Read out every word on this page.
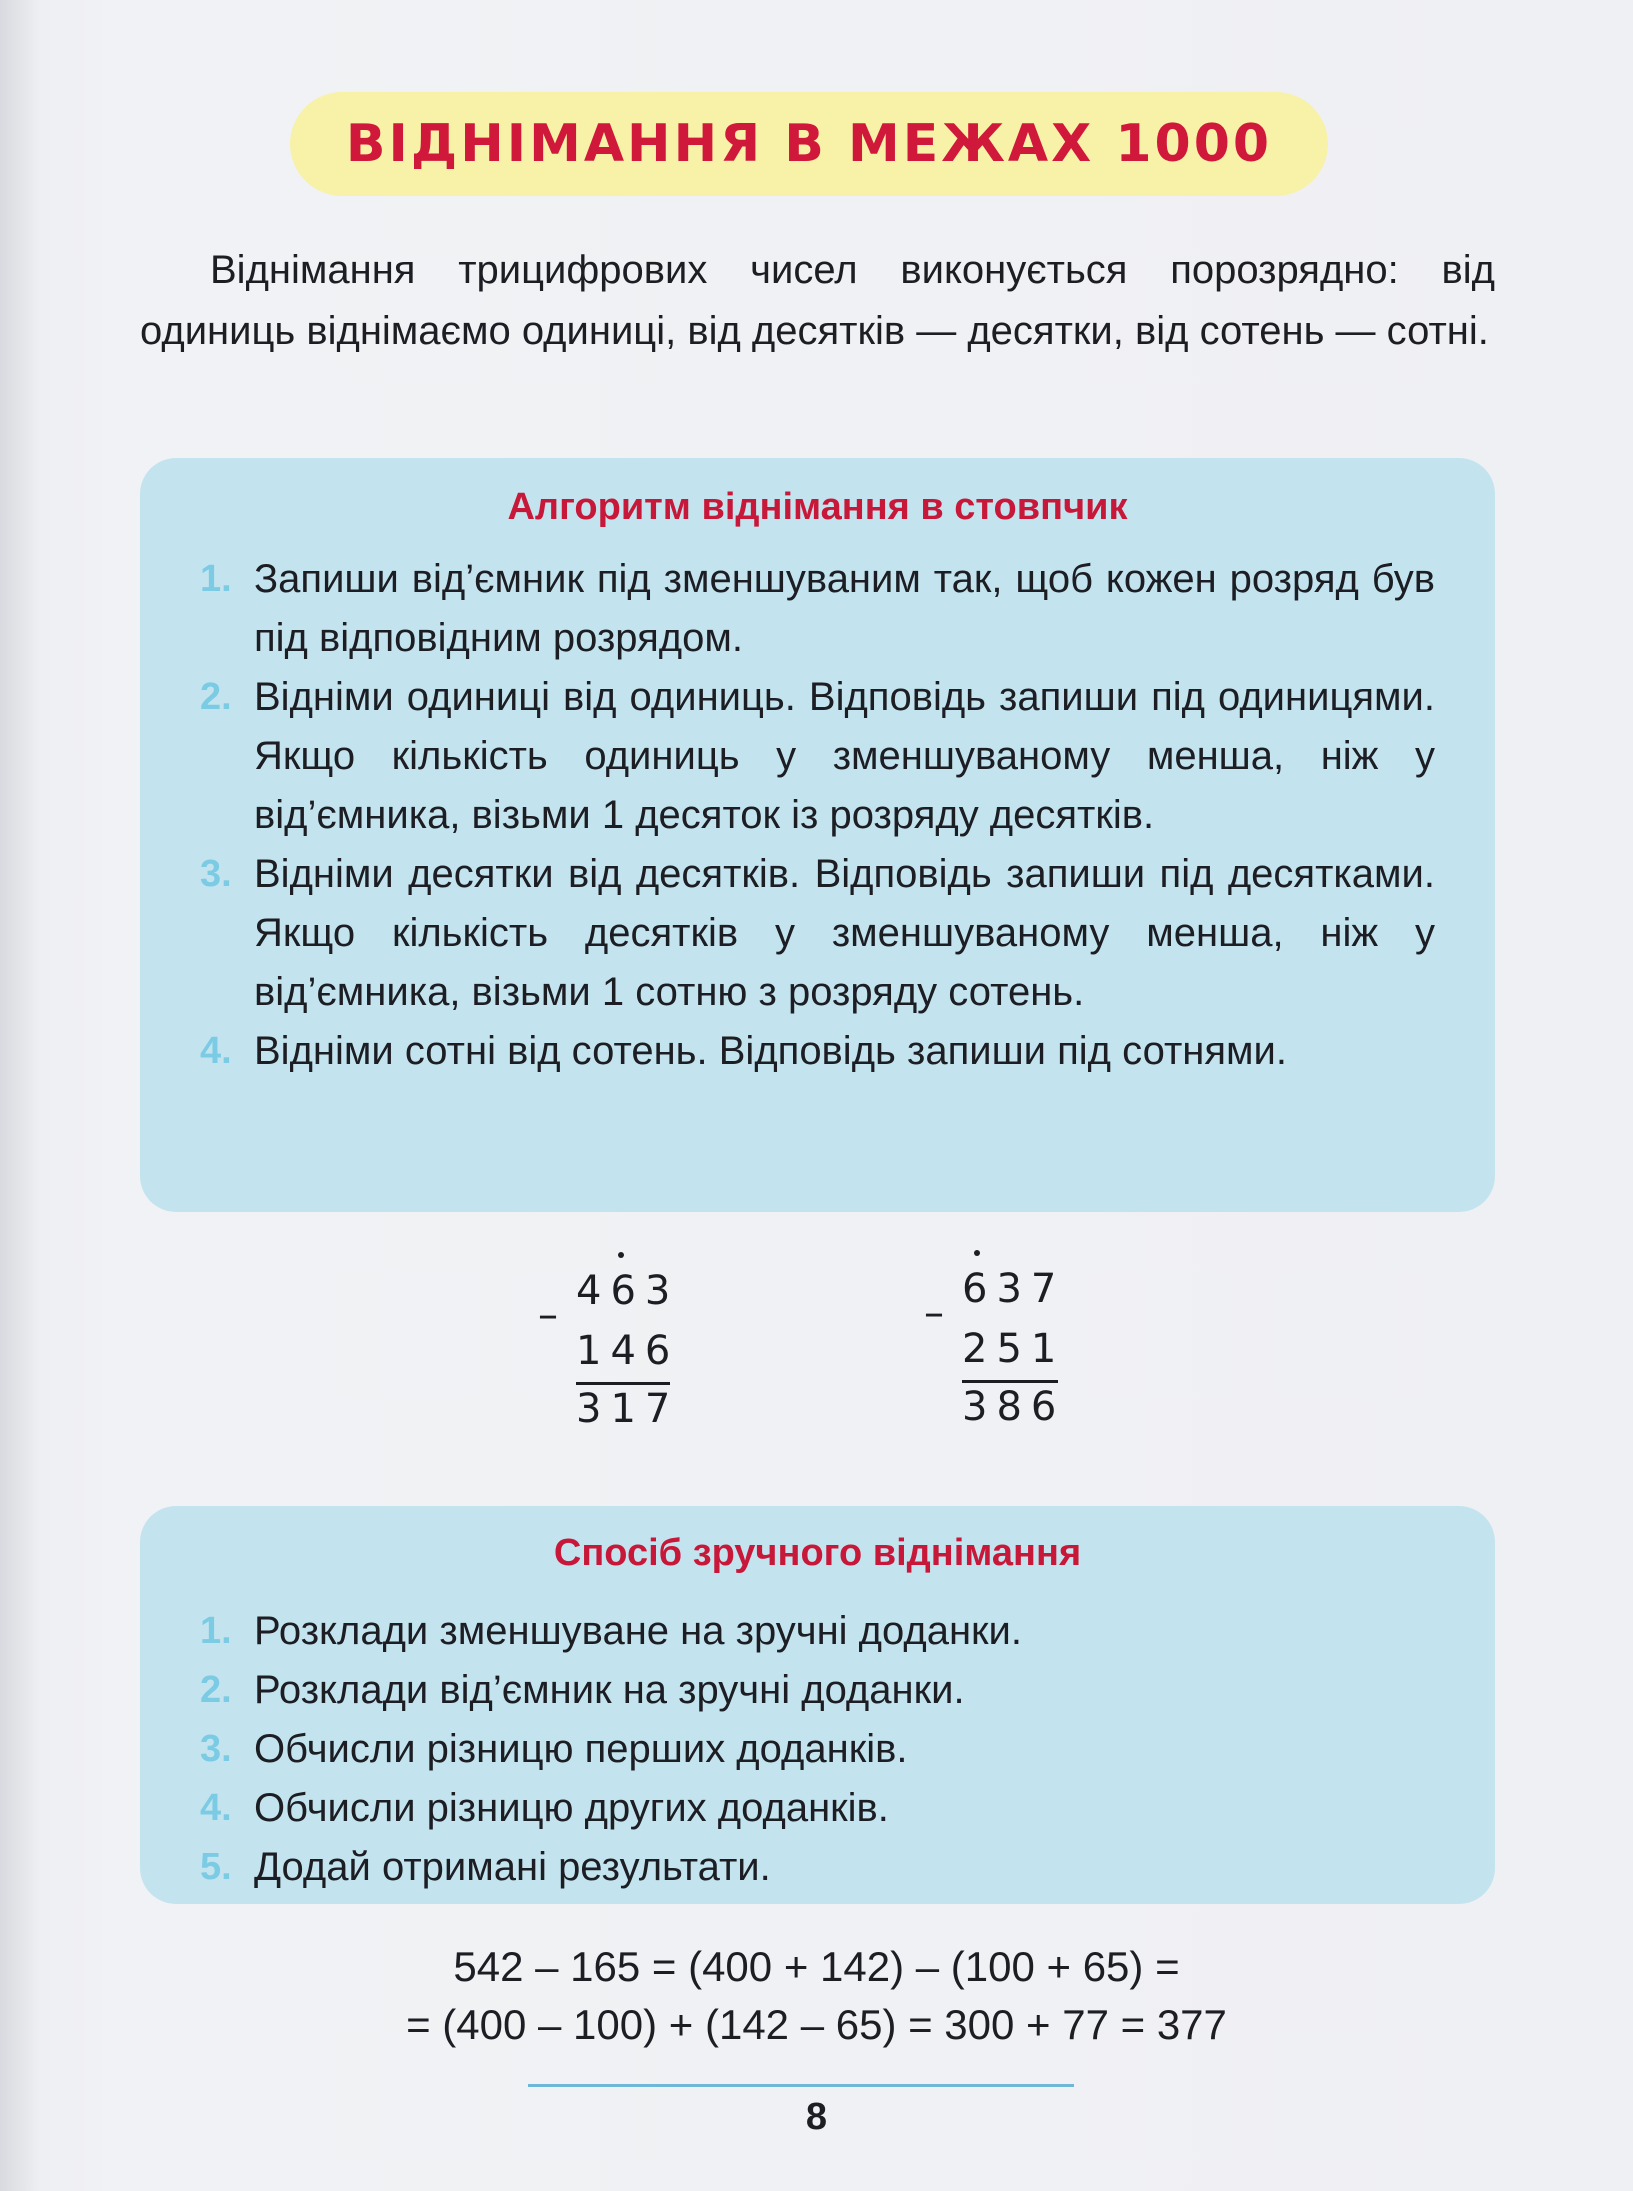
ВІДНІМАННЯ В МЕЖАХ 1000

Віднімання трицифрових чисел виконується порозрядно: від одиниць віднімаємо одиниці, від десятків — десятки, від сотень — сотні.

Алгоритм віднімання в стовпчик
1. Запиши від’ємник під зменшуваним так, щоб кожен розряд був під відповідним розрядом.
2. Відніми одиниці від одиниць. Відповідь запиши під одиницями. Якщо кількість одиниць у зменшуваному менша, ніж у від’ємника, візьми 1 десяток із розряду десятків.
3. Відніми десятки від десятків. Відповідь запиши під десятками. Якщо кількість десятків у зменшуваному менша, ніж у від’ємника, візьми 1 сотню з розряду сотень.
4. Відніми сотні від сотень. Відповідь запиши під сотнями.
463
–
146
317
637
–
251
386
Спосіб зручного віднімання
1. Розклади зменшуване на зручні доданки.
2. Розклади від’ємник на зручні доданки.
3. Обчисли різницю перших доданків.
4. Обчисли різницю других доданків.
5. Додай отримані результати.
542 – 165 = (400 + 142) – (100 + 65) =
= (400 – 100) + (142 – 65) = 300 + 77 = 377
8
